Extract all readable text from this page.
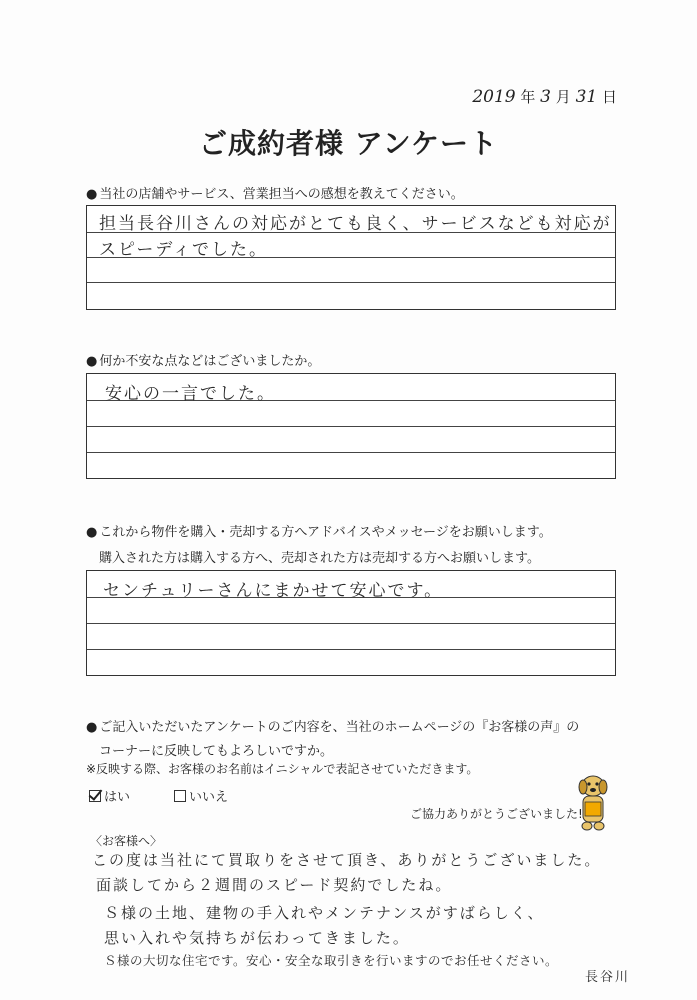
2019 年 3 月 31 日
ご成約者様 アンケート
● 当社の店舗やサービス、営業担当への感想を教えてください。
担当長谷川さんの対応がとても良く、サービスなども対応が
スピーディでした。
● 何か不安な点などはございましたか。
安心の一言でした。
● これから物件を購入・売却する方へアドバイスやメッセージをお願いします。
購入された方は購入する方へ、売却された方は売却する方へお願いします。
センチュリーさんにまかせて安心です。
● ご記入いただいたアンケートのご内容を、当社のホームページの『お客様の声』の
コーナーに反映してもよろしいですか。
※反映する際、お客様のお名前はイニシャルで表記させていただきます。
はい	いいえ
ご協力ありがとうございました!
〈お客様へ〉
この度は当社にて買取りをさせて頂き、ありがとうございました。
面談してから２週間のスピード契約でしたね。
Ｓ様の土地、建物の手入れやメンテナンスがすばらしく、
思い入れや気持ちが伝わってきました。
Ｓ様の大切な住宅です。安心・安全な取引きを行いますのでお任せください。
長谷川
